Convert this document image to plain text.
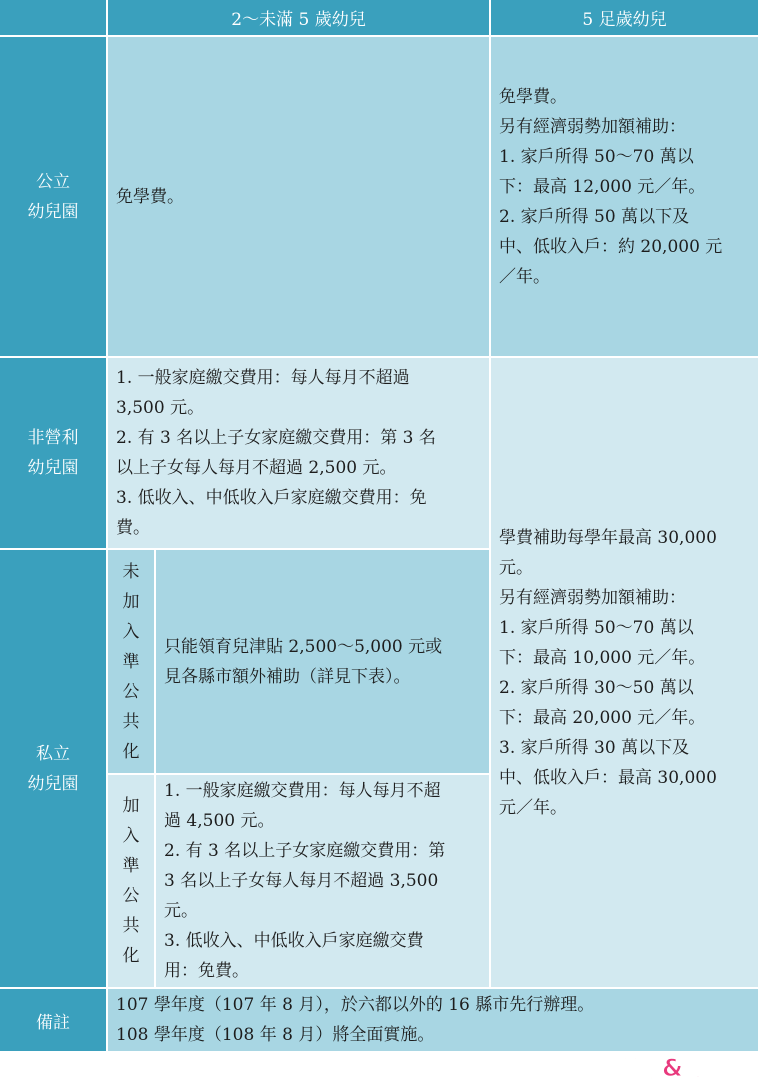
2～未滿 5 歲幼兒	5 足歲幼兒
公立
幼兒園
免學費。
免學費。
另有經濟弱勢加額補助：
1. 家戶所得 50～70 萬以
下：最高 12,000 元／年。
2. 家戶所得 50 萬以下及
中、低收入戶：約 20,000 元
／年。
非營利
幼兒園
1. 一般家庭繳交費用：每人每月不超過
3,500 元。
2. 有 3 名以上子女家庭繳交費用：第 3 名
以上子女每人每月不超過 2,500 元。
3. 低收入、中低收入戶家庭繳交費用：免
費。	學費補助每學年最高 30,000
元。
另有經濟弱勢加額補助：
1. 家戶所得 50～70 萬以
下：最高 10,000 元／年。
2. 家戶所得 30～50 萬以
下：最高 20,000 元／年。
3. 家戶所得 30 萬以下及
中、低收入戶：最高 30,000
元／年。
私立
幼兒園
未
加
入
準
公
共
化
只能領育兒津貼 2,500～5,000 元或
見各縣市額外補助（詳見下表）。
加
入
準
公
共
化
1. 一般家庭繳交費用：每人每月不超
過 4,500 元。
2. 有 3 名以上子女家庭繳交費用：第
3 名以上子女每人每月不超過 3,500
元。
3. 低收入、中低收入戶家庭繳交費
用：免費。
備註
107 學年度（107 年 8 月），於六都以外的 16 縣市先行辦理。
108 學年度（108 年 8 月）將全面實施。
嬰兒&母親
